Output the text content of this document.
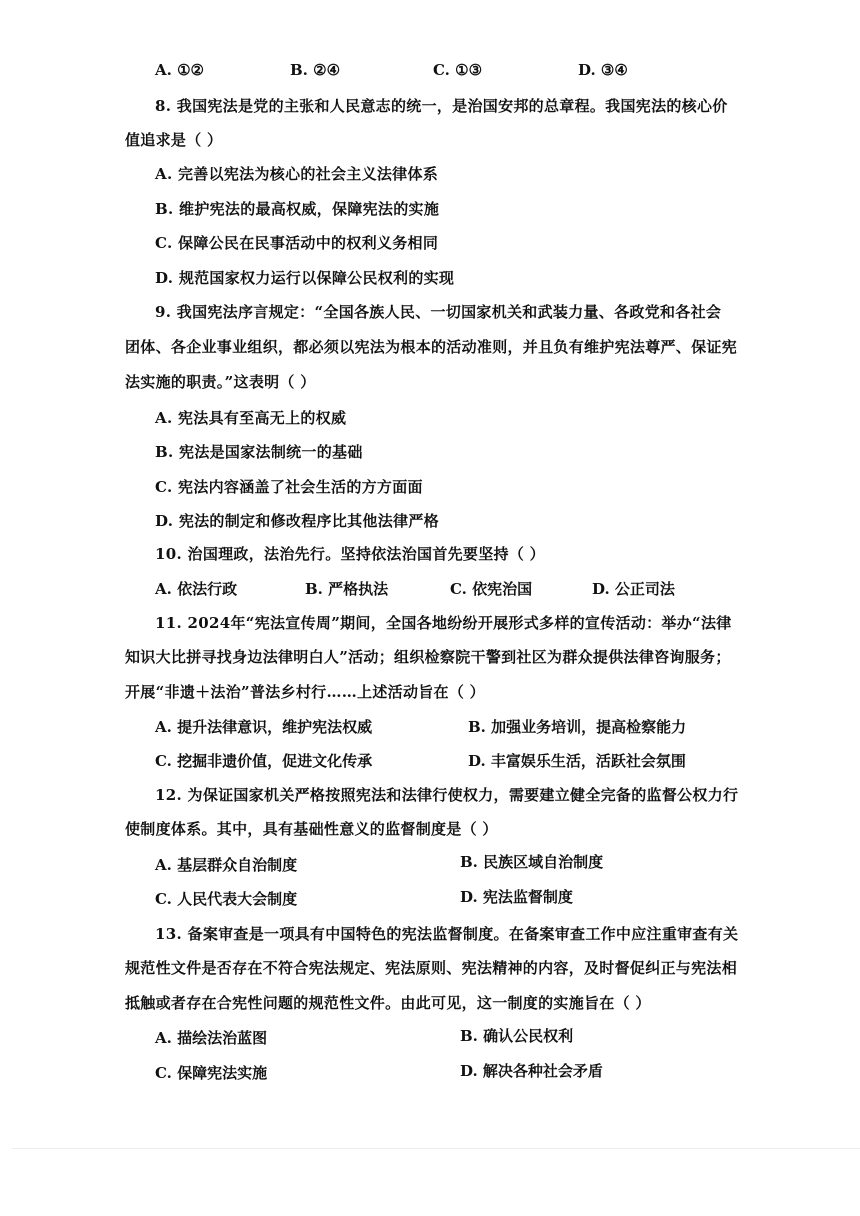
A. ①②	B. ②④	C. ①③	D. ③④
8. 我国宪法是党的主张和人民意志的统一，是治国安邦的总章程。我国宪法的核心价
值追求是（ ）
A. 完善以宪法为核心的社会主义法律体系
B. 维护宪法的最高权威，保障宪法的实施
C. 保障公民在民事活动中的权利义务相同
D. 规范国家权力运行以保障公民权利的实现
9. 我国宪法序言规定：“全国各族人民、一切国家机关和武装力量、各政党和各社会
团体、各企业事业组织，都必须以宪法为根本的活动准则，并且负有维护宪法尊严、保证宪
法实施的职责。”这表明（ ）
A. 宪法具有至高无上的权威
B. 宪法是国家法制统一的基础
C. 宪法内容涵盖了社会生活的方方面面
D. 宪法的制定和修改程序比其他法律严格
10. 治国理政，法治先行。坚持依法治国首先要坚持（ ）
A. 依法行政	B. 严格执法	C. 依宪治国	D. 公正司法
11. 2024年“宪法宣传周”期间，全国各地纷纷开展形式多样的宣传活动：举办“法律
知识大比拼寻找身边法律明白人”活动；组织检察院干警到社区为群众提供法律咨询服务；
开展“非遗＋法治”普法乡村行……上述活动旨在（ ）
A. 提升法律意识，维护宪法权威	B. 加强业务培训，提高检察能力
C. 挖掘非遗价值，促进文化传承	D. 丰富娱乐生活，活跃社会氛围
12. 为保证国家机关严格按照宪法和法律行使权力，需要建立健全完备的监督公权力行
使制度体系。其中，具有基础性意义的监督制度是（ ）
A. 基层群众自治制度	B. 民族区域自治制度
C. 人民代表大会制度	D. 宪法监督制度
13. 备案审查是一项具有中国特色的宪法监督制度。在备案审查工作中应注重审查有关
规范性文件是否存在不符合宪法规定、宪法原则、宪法精神的内容，及时督促纠正与宪法相
抵触或者存在合宪性问题的规范性文件。由此可见，这一制度的实施旨在（ ）
A. 描绘法治蓝图	B. 确认公民权利
C. 保障宪法实施	D. 解决各种社会矛盾
